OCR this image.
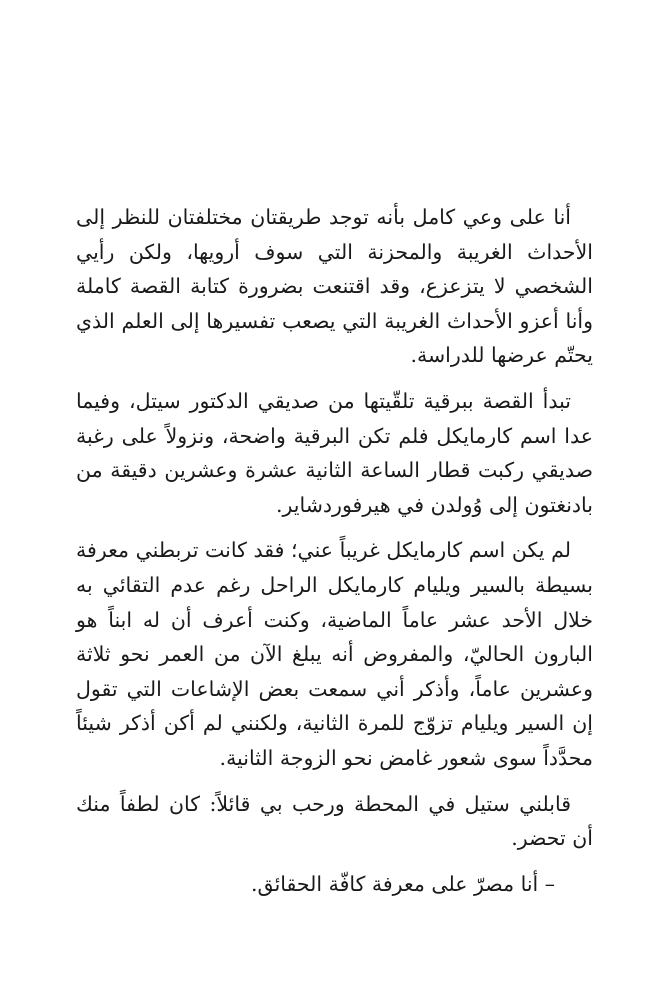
أنا على وعي كامل بأنه توجد طريقتان مختلفتان للنظر إلى الأحداث الغريبة والمحزنة التي سوف أرويها، ولكن رأيي الشخصي لا يتزعزع، وقد اقتنعت بضرورة كتابة القصة كاملة وأنا أعزو الأحداث الغريبة التي يصعب تفسيرها إلى العلم الذي يحتّم عرضها للدراسة.

تبدأ القصة ببرقية تلقّيتها من صديقي الدكتور سيتل، وفيما عدا اسم كارمايكل فلم تكن البرقية واضحة، ونزولاً على رغبة صديقي ركبت قطار الساعة الثانية عشرة وعشرين دقيقة من بادنغتون إلى وُولدن في هيرفوردشاير.

لم يكن اسم كارمايكل غريباً عني؛ فقد كانت تربطني معرفة بسيطة بالسير ويليام كارمايكل الراحل رغم عدم التقائي به خلال الأحد عشر عاماً الماضية، وكنت أعرف أن له ابناً هو البارون الحاليّ، والمفروض أنه يبلغ الآن من العمر نحو ثلاثة وعشرين عاماً، وأذكر أني سمعت بعض الإشاعات التي تقول إن السير ويليام تزوّج للمرة الثانية، ولكنني لم أكن أذكر شيئاً محدَّداً سوى شعور غامض نحو الزوجة الثانية.

قابلني ستيل في المحطة ورحب بي قائلاً: كان لطفاً منك أن تحضر.

– أنا مصرّ على معرفة كافّة الحقائق.
